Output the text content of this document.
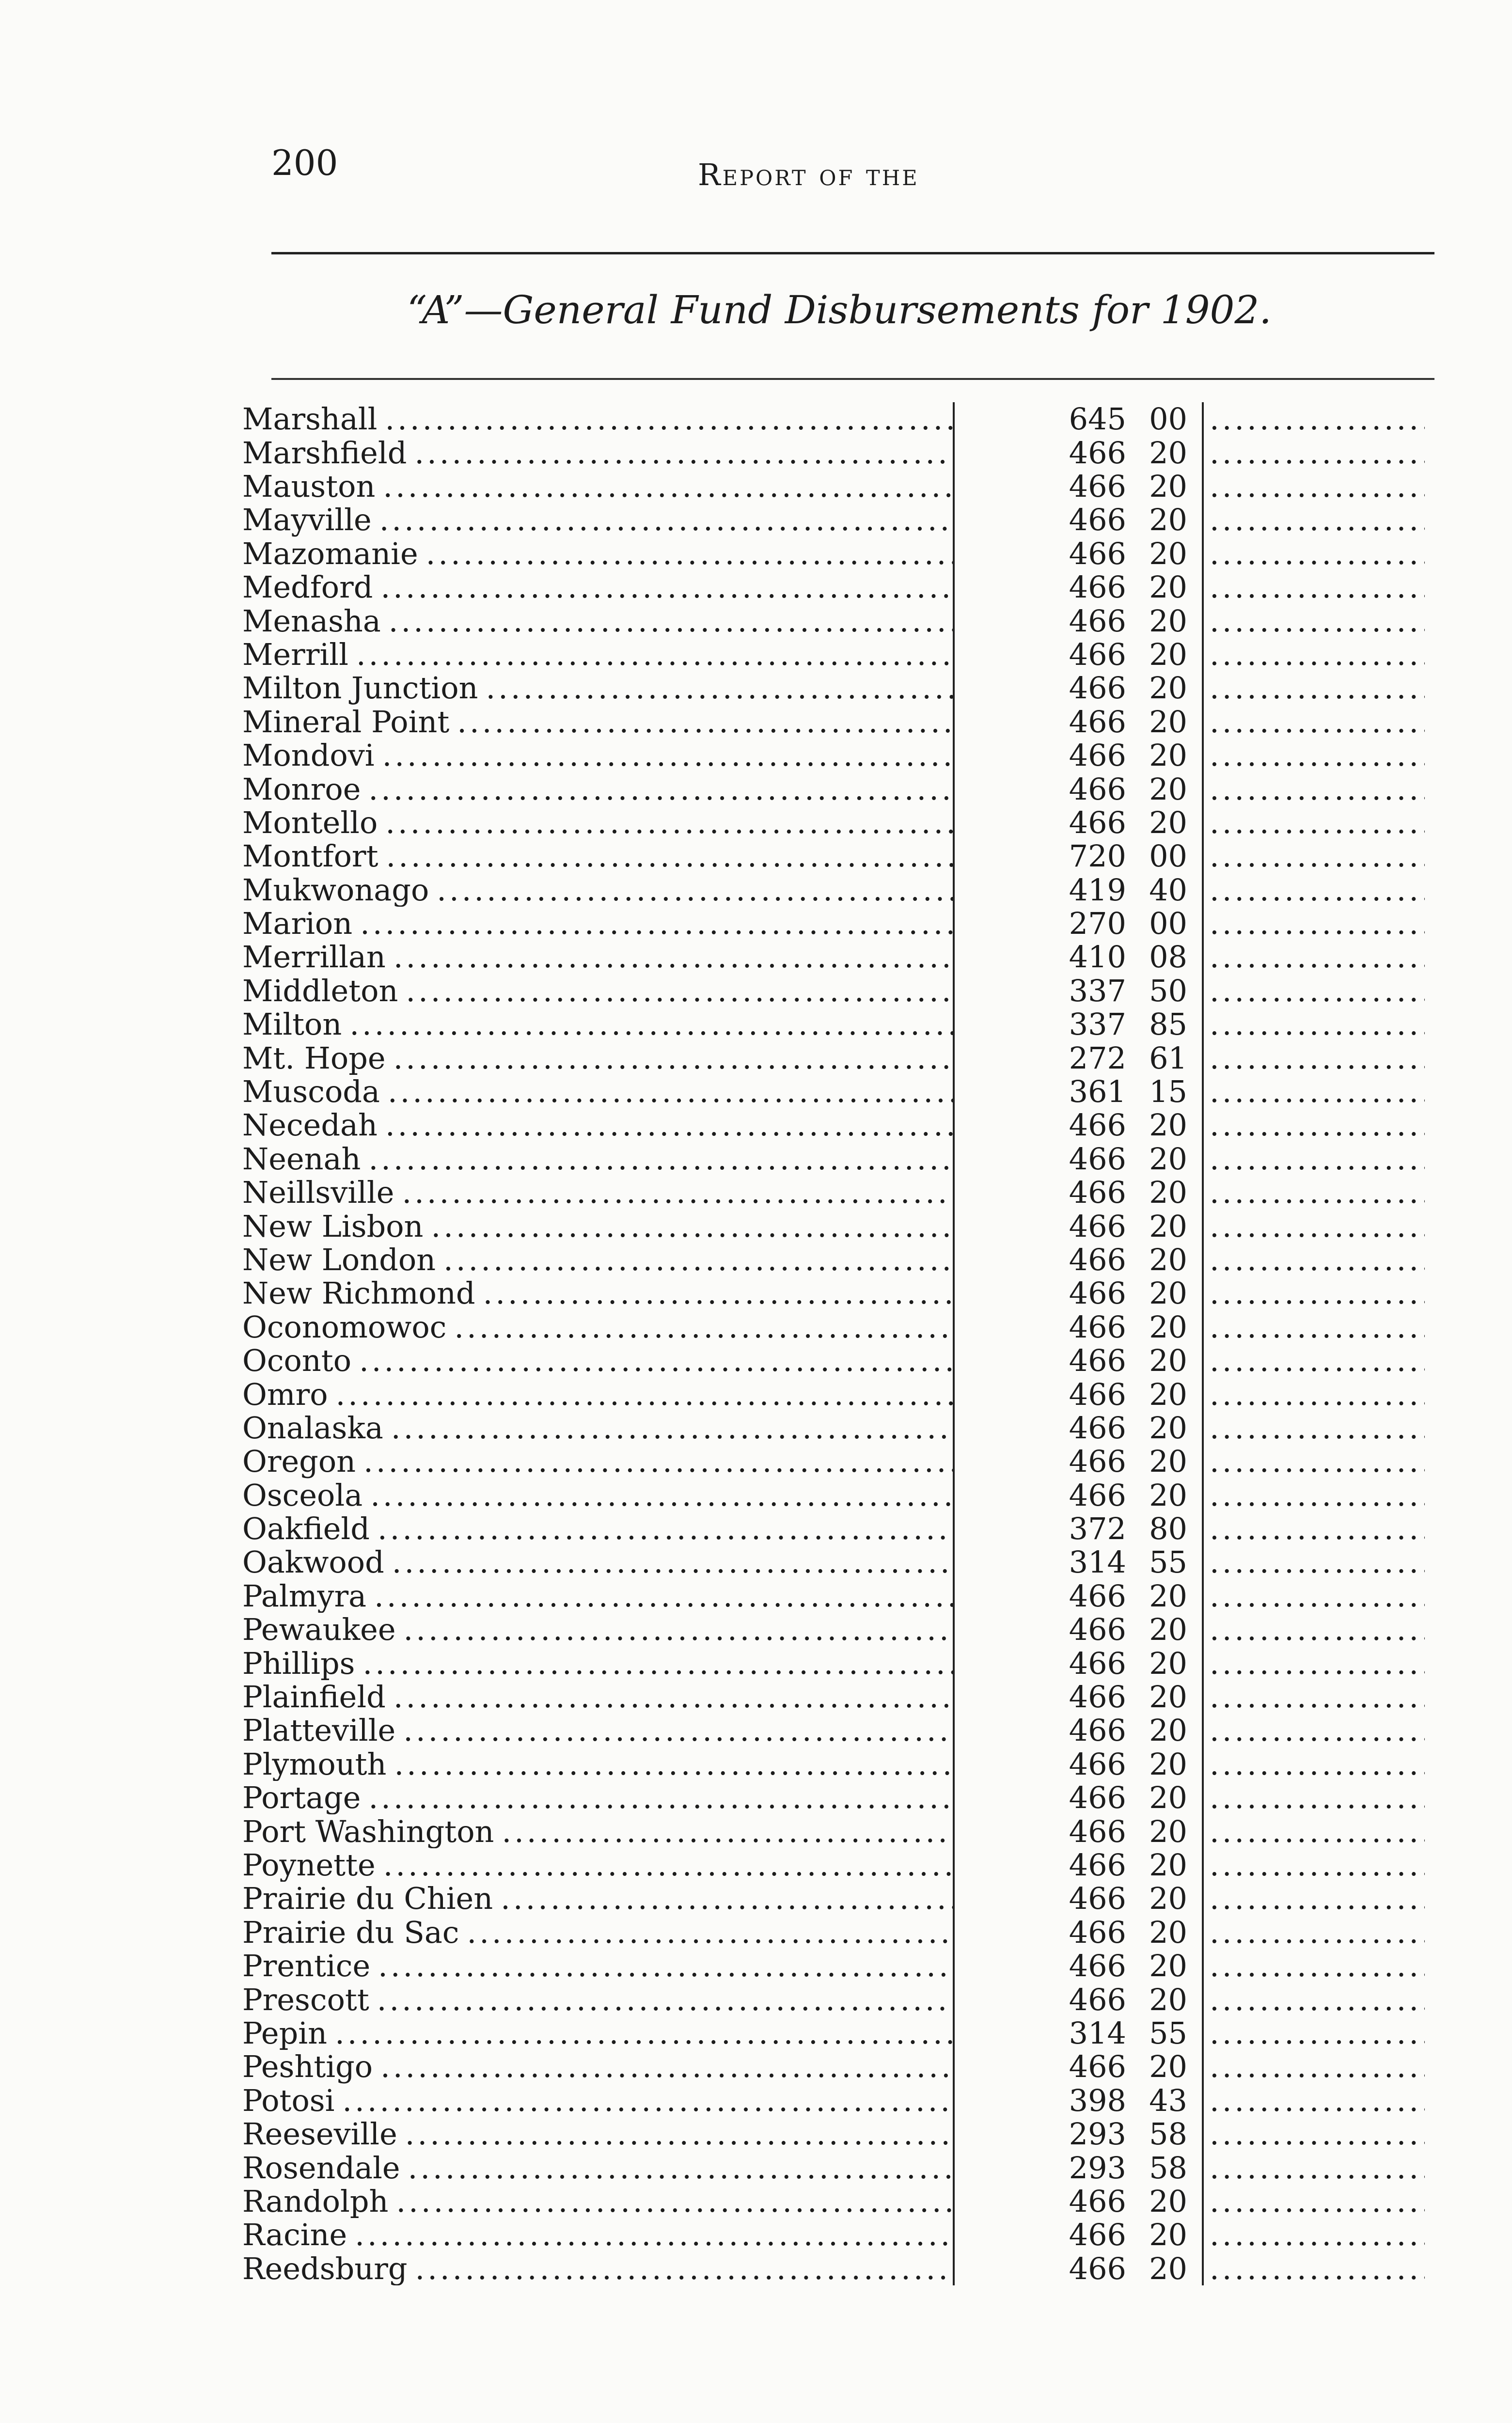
200	Report of the
“A”—General Fund Disbursements for 1902.
Marshall .....	645 00
.....
Marshfield .....	466 20
.....
Mauston .....	466 20
.....
Mayville .....	466 20
.....
Mazomanie .....	466 20
.....
Medford .....	466 20
.....
Menasha .....	466 20
.....
Merrill .....	466 20
.....
Milton Junction .....	466 20
.....
Mineral Point .....	466 20
.....
Mondovi .....	466 20
.....
Monroe .....	466 20
.....
Montello .....	466 20
.....
Montfort .....	720 00
.....
Mukwonago .....	419 40
.....
Marion .....	270 00
.....
Merrillan .....	410 08
.....
Middleton .....	337 50
.....
Milton .....	337 85
.....
Mt. Hope .....	272 61
.....
Muscoda .....	361 15
.....
Necedah .....	466 20
.....
Neenah .....	466 20
.....
Neillsville .....	466 20
.....
New Lisbon .....	466 20
.....
New London .....	466 20
.....
New Richmond .....	466 20
.....
Oconomowoc .....	466 20
.....
Oconto .....	466 20
.....
Omro .....	466 20
.....
Onalaska .....	466 20
.....
Oregon .....	466 20
.....
Osceola .....	466 20
.....
Oakfield .....	372 80
.....
Oakwood .....	314 55
.....
Palmyra .....	466 20
.....
Pewaukee .....	466 20
.....
Phillips .....	466 20
.....
Plainfield .....	466 20
.....
Platteville .....	466 20
.....
Plymouth .....	466 20
.....
Portage .....	466 20
.....
Port Washington .....	466 20
.....
Poynette .....	466 20
.....
Prairie du Chien .....	466 20
.....
Prairie du Sac .....	466 20
.....
Prentice .....	466 20
.....
Prescott .....	466 20
.....
Pepin .....	314 55
.....
Peshtigo .....	466 20
.....
Potosi .....	398 43
.....
Reeseville .....	293 58
.....
Rosendale .....	293 58
.....
Randolph .....	466 20
.....
Racine .....	466 20
.....
Reedsburg .....	466 20
.....
